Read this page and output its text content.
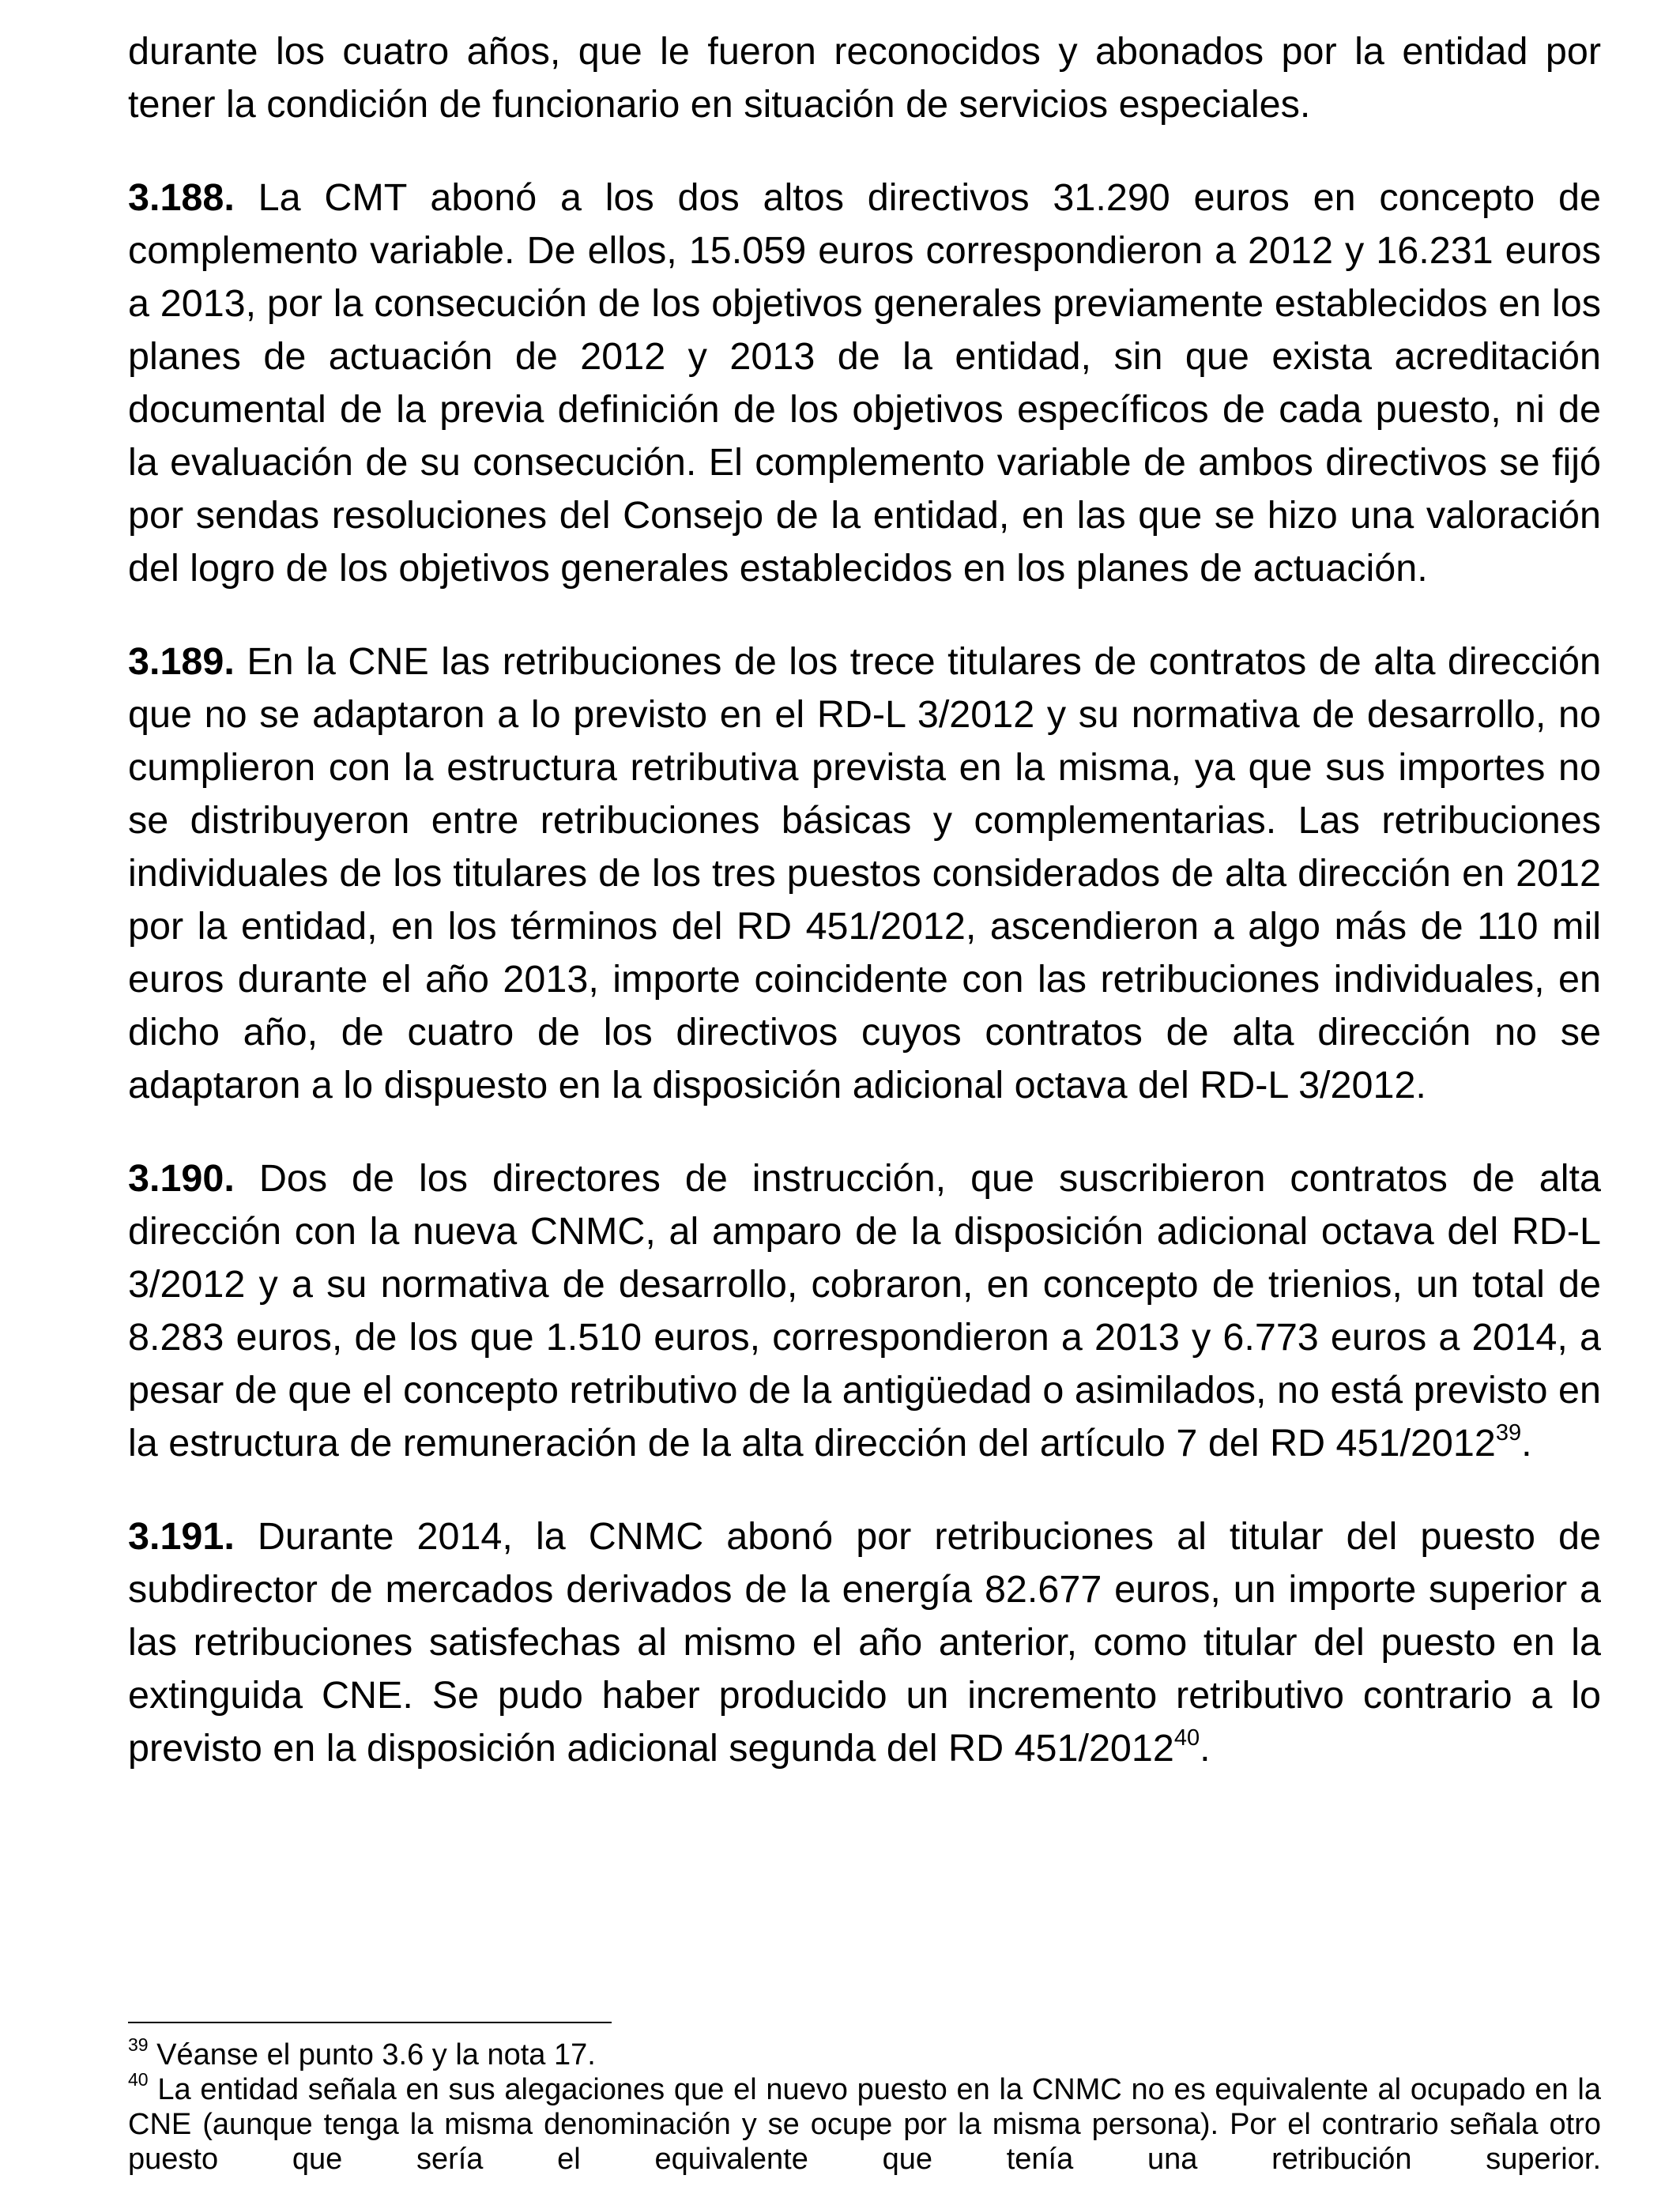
durante los cuatro años, que le fueron reconocidos y abonados por la entidad por tener la condición de funcionario en situación de servicios especiales.

3.188. La CMT abonó a los dos altos directivos 31.290 euros en concepto de complemento variable. De ellos, 15.059 euros correspondieron a 2012 y 16.231 euros a 2013, por la consecución de los objetivos generales previamente establecidos en los planes de actuación de 2012 y 2013 de la entidad, sin que exista acreditación documental de la previa definición de los objetivos específicos de cada puesto, ni de la evaluación de su consecución. El complemento variable de ambos directivos se fijó por sendas resoluciones del Consejo de la entidad, en las que se hizo una valoración del logro de los objetivos generales establecidos en los planes de actuación.

3.189. En la CNE las retribuciones de los trece titulares de contratos de alta dirección que no se adaptaron a lo previsto en el RD-L 3/2012 y su normativa de desarrollo, no cumplieron con la estructura retributiva prevista en la misma, ya que sus importes no se distribuyeron entre retribuciones básicas y complementarias. Las retribuciones individuales de los titulares de los tres puestos considerados de alta dirección en 2012 por la entidad, en los términos del RD 451/2012, ascendieron a algo más de 110 mil euros durante el año 2013, importe coincidente con las retribuciones individuales, en dicho año, de cuatro de los directivos cuyos contratos de alta dirección no se adaptaron a lo dispuesto en la disposición adicional octava del RD-L 3/2012.

3.190. Dos de los directores de instrucción, que suscribieron contratos de alta dirección con la nueva CNMC, al amparo de la disposición adicional octava del RD-L 3/2012 y a su normativa de desarrollo, cobraron, en concepto de trienios, un total de 8.283 euros, de los que 1.510 euros, correspondieron a 2013 y 6.773 euros a 2014, a pesar de que el concepto retributivo de la antigüedad o asimilados, no está previsto en la estructura de remuneración de la alta dirección del artículo 7 del RD 451/2012$^{39}$.

3.191. Durante 2014, la CNMC abonó por retribuciones al titular del puesto de subdirector de mercados derivados de la energía 82.677 euros, un importe superior a las retribuciones satisfechas al mismo el año anterior, como titular del puesto en la extinguida CNE. Se pudo haber producido un incremento retributivo contrario a lo previsto en la disposición adicional segunda del RD 451/2012$^{40}$.

$^{39}$ Véanse el punto 3.6 y la nota 17.

$^{40}$ La entidad señala en sus alegaciones que el nuevo puesto en la CNMC no es equivalente al ocupado en la CNE (aunque tenga la misma denominación y se ocupe por la misma persona). Por el contrario señala otro puesto que sería el equivalente que tenía una retribución superior.
